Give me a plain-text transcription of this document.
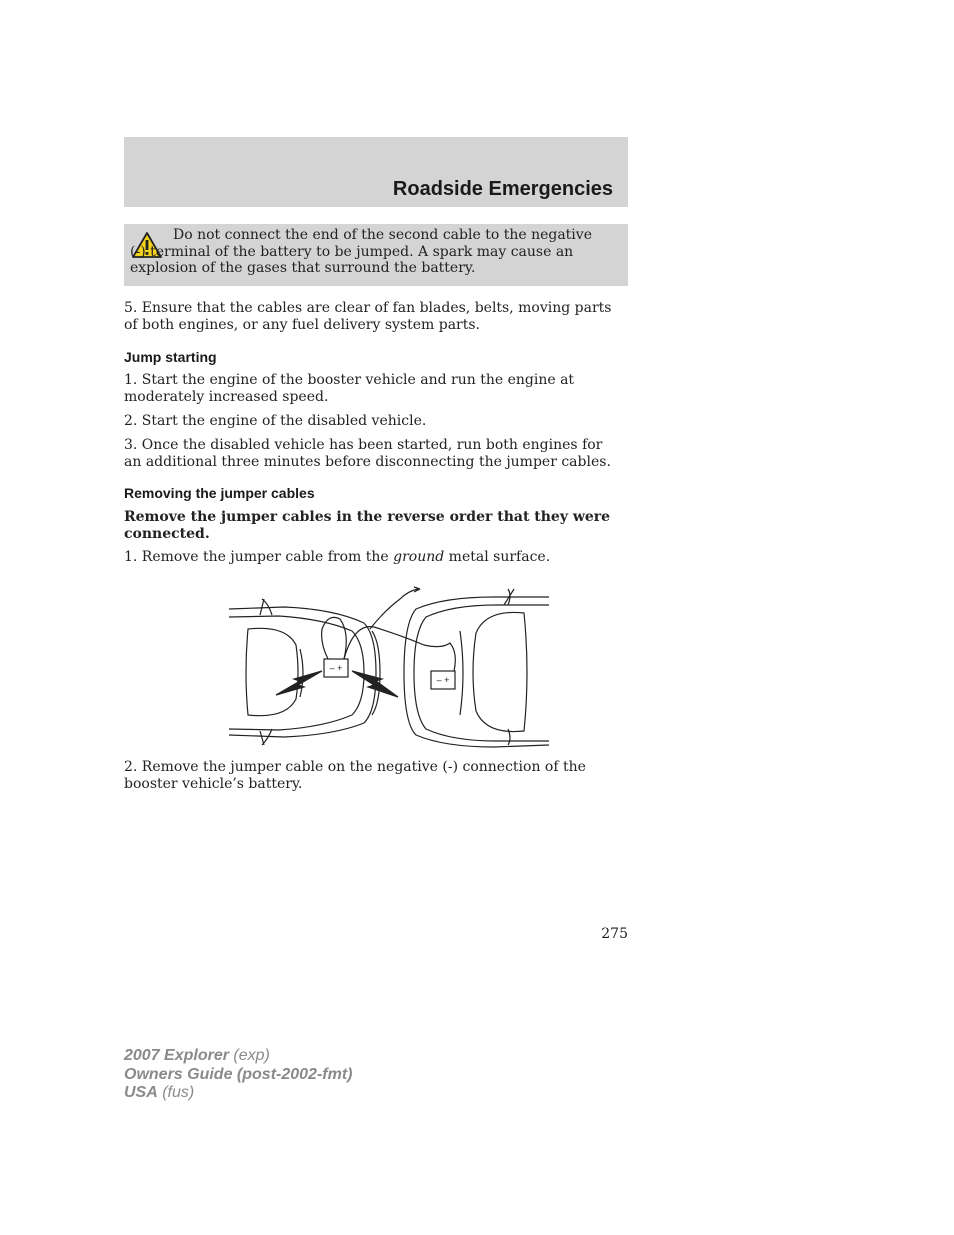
Roadside Emergencies
Do not connect the end of the second cable to the negative (-) terminal of the battery to be jumped. A spark may cause an explosion of the gases that surround the battery.

5. Ensure that the cables are clear of fan blades, belts, moving parts of both engines, or any fuel delivery system parts.

Jump starting

1. Start the engine of the booster vehicle and run the engine at moderately increased speed.

2. Start the engine of the disabled vehicle.

3. Once the disabled vehicle has been started, run both engines for an additional three minutes before disconnecting the jumper cables.

Removing the jumper cables

Remove the jumper cables in the reverse order that they were connected.

1. Remove the jumper cable from the ground metal surface.

– +
– +

2. Remove the jumper cable on the negative (-) connection of the booster vehicle’s battery.

275
2007 Explorer (exp)
Owners Guide (post-2002-fmt)
USA (fus)
